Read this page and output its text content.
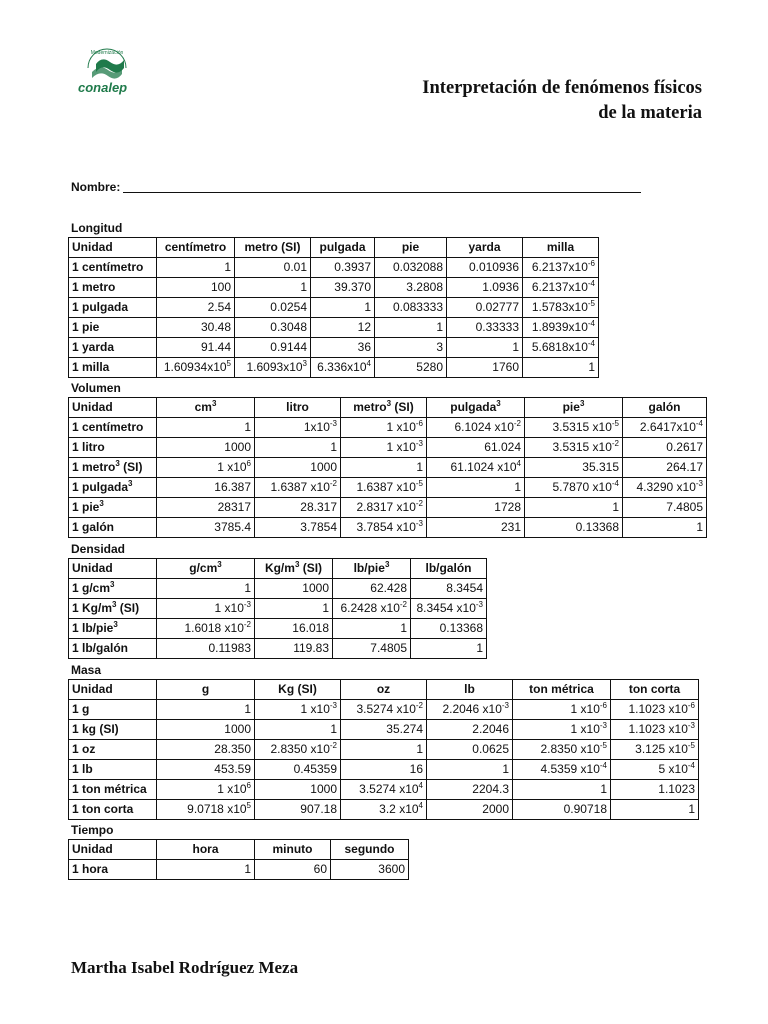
Modernización
conalep	Interpretación de fenómenos físicos
de la materia
Nombre:
Longitud
Volumen
Densidad
Masa
Tiempo
Unidad	centímetro	metro (SI)	pulgada	pie	yarda	milla
1 centímetro	1	0.01	0.3937	0.032088	0.010936	$6.2137x10^{-6}$
1 metro	100	1	39.370	3.2808	1.0936	$6.2137x10^{-4}$
1 pulgada	2.54	0.0254	1	0.083333	0.02777	$1.5783x10^{-5}$
1 pie	30.48	0.3048	12	1	0.33333	$1.8939x10^{-4}$
1 yarda	91.44	0.9144	36	3	1	$5.6818x10^{-4}$
1 milla	$1.60934x10^5$	$1.6093x10^3$	$6.336x10^4$	5280	1760	1
Unidad	$cm^3$	litro	metro$^3$ (SI)	pulgada$^3$	pie$^3$	galón
1 centímetro	1	$1x10^{-3}$	1 $x10^{-6}$	6.1024 $x10^{-2}$	3.5315 $x10^{-5}$	$2.6417x10^{-4}$
1 litro	1000	1	1 $x10^{-3}$	61.024	3.5315 $x10^{-2}$	0.2617
1 metro$^3$ (SI)	1 $x10^6$	1000	1	61.1024 $x10^4$	35.315	264.17
1 pulgada$^3$	16.387	1.6387 $x10^{-2}$	1.6387 $x10^{-5}$	1	5.7870 $x10^{-4}$	4.3290 $x10^{-3}$
1 pie$^3$	28317	28.317	2.8317 $x10^{-2}$	1728	1	7.4805
1 galón	3785.4	3.7854	3.7854 $x10^{-3}$	231	0.13368	1
Unidad	$g/cm^3$	$Kg/m^3$ (SI)	lb/pie$^3$	lb/galón
1 $g/cm^3$	1	1000	62.428	8.3454
1 $Kg/m^3$ (SI)	1 $x10^{-3}$	1	6.2428 $x10^{-2}$	8.3454 $x10^{-3}$
1 lb/pie$^3$	1.6018 $x10^{-2}$	16.018	1	0.13368
1 lb/galón	0.11983	119.83	7.4805	1
Unidad	g	Kg (SI)	oz	lb	ton métrica	ton corta
1 g	1	1 $x10^{-3}$	3.5274 $x10^{-2}$	2.2046 $x10^{-3}$	1 $x10^{-6}$	1.1023 $x10^{-6}$
1 kg (SI)	1000	1	35.274	2.2046	1 $x10^{-3}$	1.1023 $x10^{-3}$
1 oz	28.350	2.8350 $x10^{-2}$	1	0.0625	2.8350 $x10^{-5}$	3.125 $x10^{-5}$
1 lb	453.59	0.45359	16	1	4.5359 $x10^{-4}$	5 $x10^{-4}$
1 ton métrica	1 $x10^6$	1000	3.5274 $x10^4$	2204.3	1	1.1023
1 ton corta	9.0718 $x10^5$	907.18	3.2 $x10^4$	2000	0.90718	1
Unidad	hora	minuto	segundo
1 hora	1	60	3600
Martha Isabel Rodríguez Meza
